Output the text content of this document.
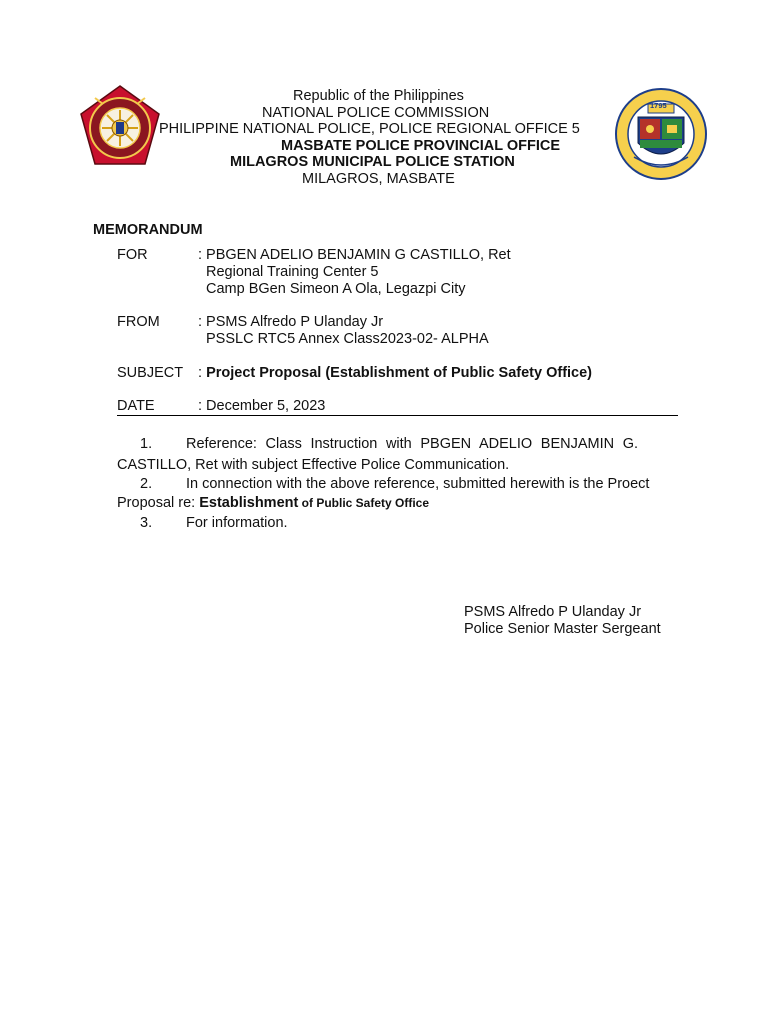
1795
Republic of the Philippines
NATIONAL POLICE COMMISSION
PHILIPPINE NATIONAL POLICE, POLICE REGIONAL OFFICE 5
MASBATE POLICE PROVINCIAL OFFICE
MILAGROS MUNICIPAL POLICE STATION
MILAGROS, MASBATE
MEMORANDUM
FOR	: PBGEN ADELIO BENJAMIN G CASTILLO, Ret
Regional Training Center 5
Camp BGen Simeon A Ola, Legazpi City
FROM	: PSMS Alfredo P Ulanday Jr
PSSLC RTC5 Annex Class2023-02- ALPHA
SUBJECT : Project Proposal (Establishment of Public Safety Office)
DATE	: December 5, 2023
1. Reference: Class Instruction with PBGEN ADELIO BENJAMIN G.
CASTILLO, Ret with subject Effective Police Communication.
2. In connection with the above reference, submitted herewith is the Proect
Proposal re: Establishment of Public Safety Office
3. For information.
PSMS Alfredo P Ulanday Jr
Police Senior Master Sergeant
